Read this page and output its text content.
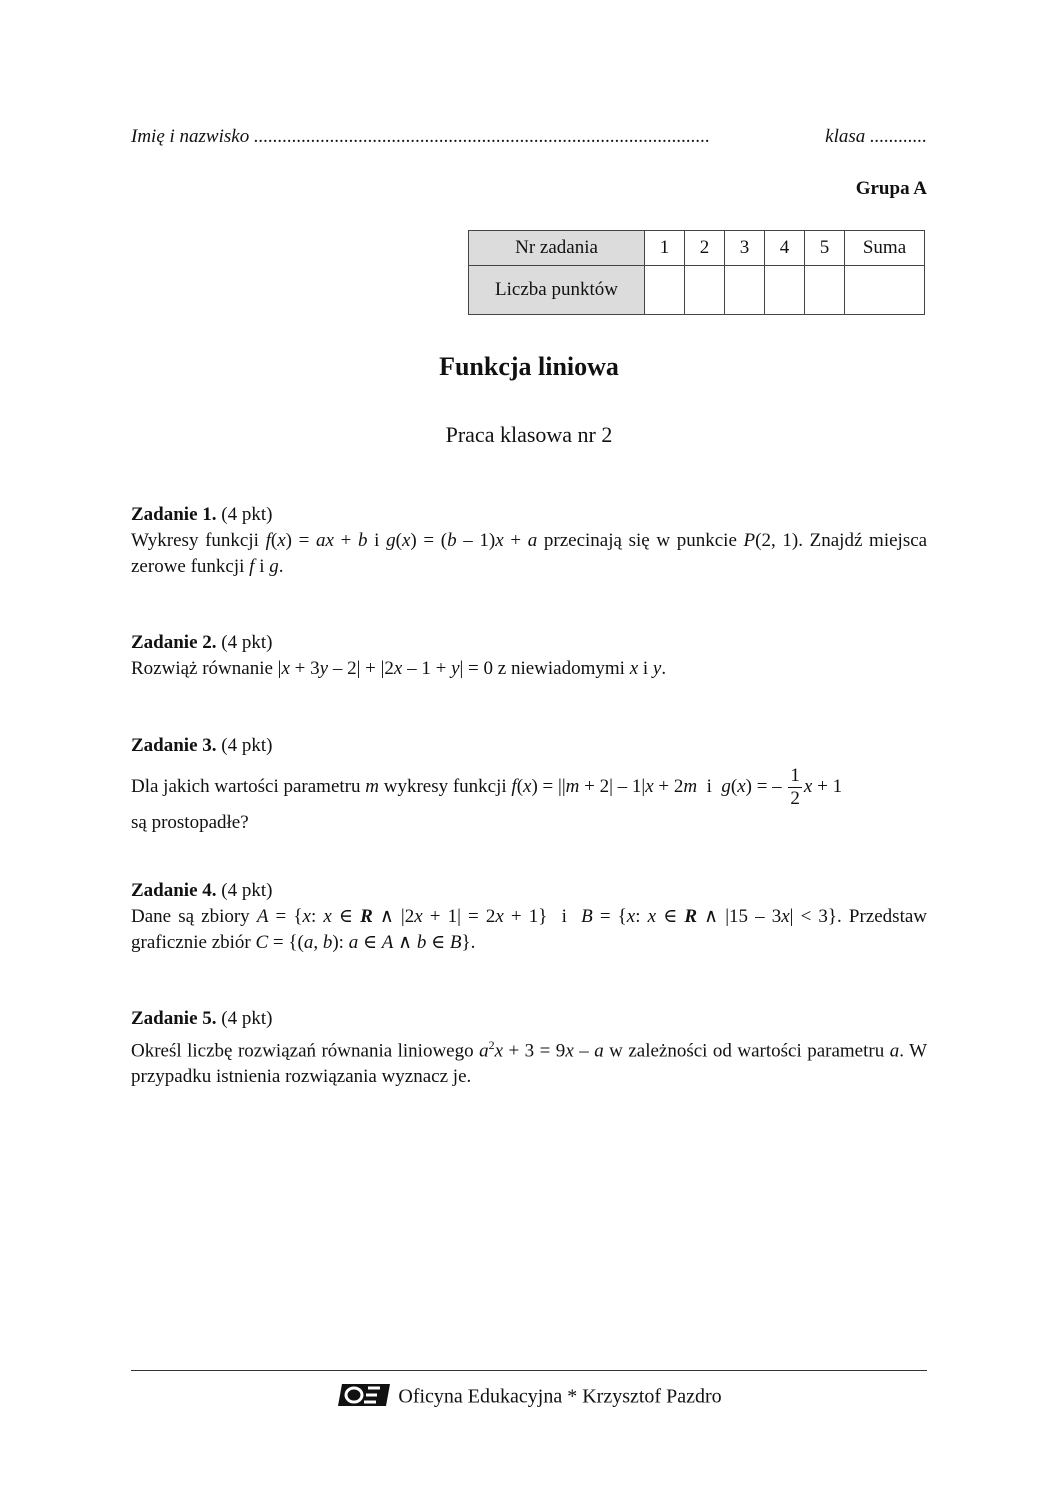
Imię i nazwisko ................................................................................................	klasa ............
Grupa A
Nr zadania	1	2	3	4	5	Suma
Liczba punktów						
Funkcja liniowa
Praca klasowa nr 2
Zadanie 1. (4 pkt)
Wykresy funkcji f(x) = ax + b i g(x) = (b – 1)x + a przecinają się w punkcie P(2, 1). Znajdź miejsca zerowe funkcji f i g.
Zadanie 2. (4 pkt)
Rozwiąż równanie |x + 3y – 2| + |2x – 1 + y| = 0 z niewiadomymi x i y.
Zadanie 3. (4 pkt)
Dla jakich wartości parametru m wykresy funkcji f(x) = ||m + 2| – 1|x + 2m  i  g(x) = – $\frac{1}{2}$ x + 1
są prostopadłe?
Zadanie 4. (4 pkt)
Dane są zbiory A = {x: x ∈ R ∧ |2x + 1| = 2x + 1}  i  B = {x: x ∈ R ∧ |15 – 3x| < 3}. Przedstaw graficznie zbiór C = {(a, b): a ∈ A ∧ b ∈ B}.
Zadanie 5. (4 pkt)
Określ liczbę rozwiązań równania liniowego $a^2x + 3 = 9x - a$ w zależności od wartości parametru a. W przypadku istnienia rozwiązania wyznacz je.
Oficyna Edukacyjna * Krzysztof Pazdro
